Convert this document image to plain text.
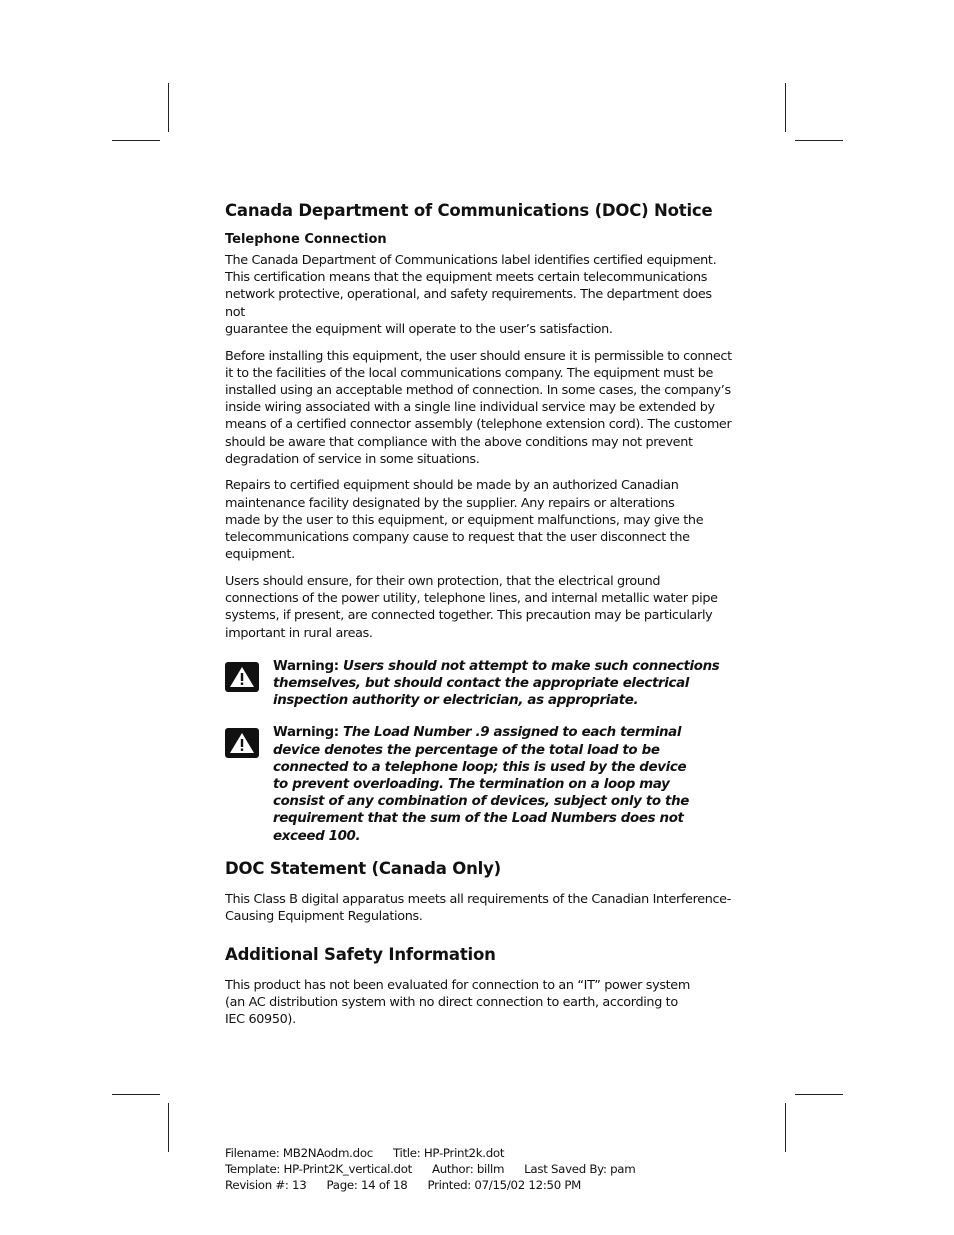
Canada Department of Communications (DOC) Notice
Telephone Connection

The Canada Department of Communications label identifies certified equipment.
This certification means that the equipment meets certain telecommunications
network protective, operational, and safety requirements. The department does not
guarantee the equipment will operate to the user’s satisfaction.

Before installing this equipment, the user should ensure it is permissible to connect
it to the facilities of the local communications company. The equipment must be
installed using an acceptable method of connection. In some cases, the company’s
inside wiring associated with a single line individual service may be extended by
means of a certified connector assembly (telephone extension cord). The customer
should be aware that compliance with the above conditions may not prevent
degradation of service in some situations.

Repairs to certified equipment should be made by an authorized Canadian
maintenance facility designated by the supplier. Any repairs or alterations
made by the user to this equipment, or equipment malfunctions, may give the
telecommunications company cause to request that the user disconnect the
equipment.

Users should ensure, for their own protection, that the electrical ground
connections of the power utility, telephone lines, and internal metallic water pipe
systems, if present, are connected together. This precaution may be particularly
important in rural areas.

Warning: Users should not attempt to make such connections
themselves, but should contact the appropriate electrical
inspection authority or electrician, as appropriate.
Warning: The Load Number .9 assigned to each terminal
device denotes the percentage of the total load to be
connected to a telephone loop; this is used by the device
to prevent overloading. The termination on a loop may
consist of any combination of devices, subject only to the
requirement that the sum of the Load Numbers does not
exceed 100.
DOC Statement (Canada Only)

This Class B digital apparatus meets all requirements of the Canadian Interference-
Causing Equipment Regulations.

Additional Safety Information

This product has not been evaluated for connection to an “IT” power system
(an AC distribution system with no direct connection to earth, according to
IEC 60950).

Filename: MB2NAodm.doc Title: HP-Print2k.dot
Template: HP-Print2K_vertical.dot Author: billm Last Saved By: pam
Revision #: 13 Page: 14 of 18 Printed: 07/15/02 12:50 PM
